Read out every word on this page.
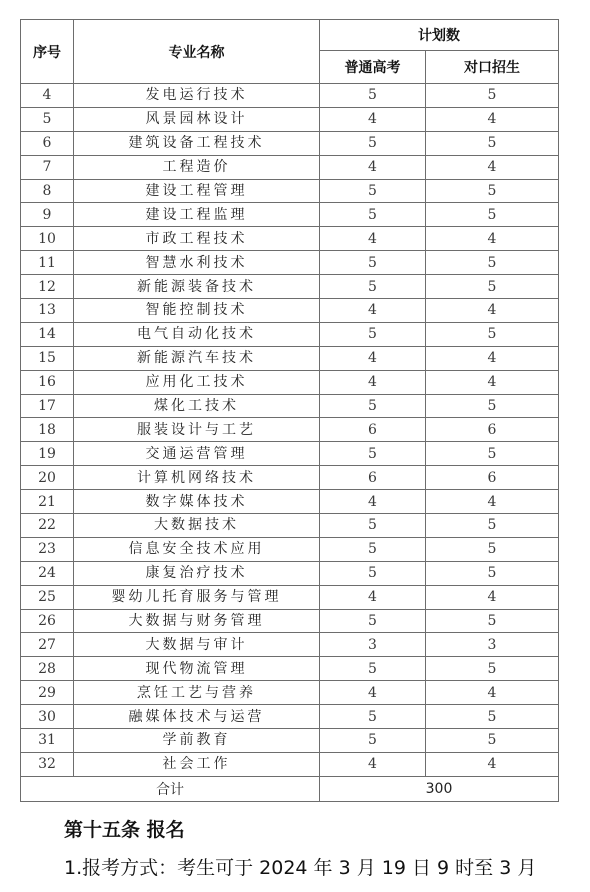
序号	专业名称	计划数	
		普通高考	对口招生
4	发电运行技术	5	5
5	风景园林设计	4	4
6	建筑设备工程技术	5	5
7	工程造价	4	4
8	建设工程管理	5	5
9	建设工程监理	5	5
10	市政工程技术	4	4
11	智慧水利技术	5	5
12	新能源装备技术	5	5
13	智能控制技术	4	4
14	电气自动化技术	5	5
15	新能源汽车技术	4	4
16	应用化工技术	4	4
17	煤化工技术	5	5
18	服装设计与工艺	6	6
19	交通运营管理	5	5
20	计算机网络技术	6	6
21	数字媒体技术	4	4
22	大数据技术	5	5
23	信息安全技术应用	5	5
24	康复治疗技术	5	5
25	婴幼儿托育服务与管理	4	4
26	大数据与财务管理	5	5
27	大数据与审计	3	3
28	现代物流管理	5	5
29	烹饪工艺与营养	4	4
30	融媒体技术与运营	5	5
31	学前教育	5	5
32	社会工作	4	4
合计		300	
第十五条 报名
1.报考方式：考生可于 2024 年 3 月 19 日 9 时至 3 月
